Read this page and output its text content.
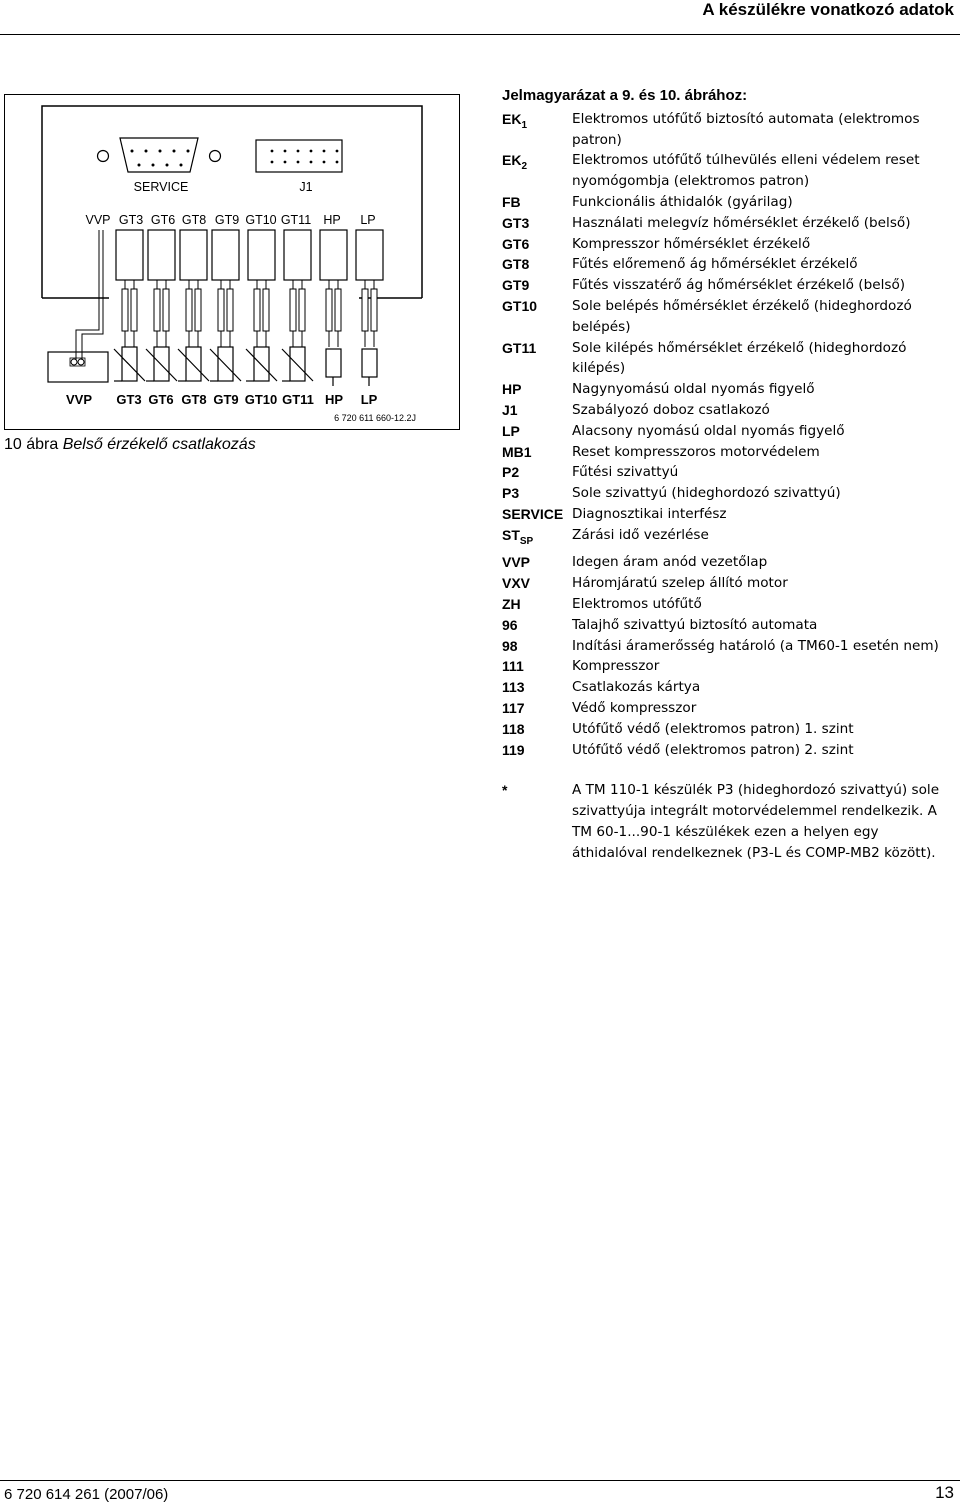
A készülékre vonatkozó adatok
SERVICE	J1
VVP GT3 GT6 GT8 GT9 GT10 GT11 HP LP
VVP GT3 GT6 GT8 GT9 GT10 GT11 HP LP
6 720 611 660-12.2J
10 ábra Belső érzékelő csatlakozás
Jelmagyarázat a 9. és 10. ábrához:
$EK_1$	Elektromos utófűtő biztosító automata (elektromos patron)
$EK_2$	Elektromos utófűtő túlhevülés elleni védelem reset nyomógombja (elektromos patron)
FB	Funkcionális áthidalók (gyárilag)
GT3	Használati melegvíz hőmérséklet érzékelő (belső)
GT6	Kompresszor hőmérséklet érzékelő
GT8	Fűtés előremenő ág hőmérséklet érzékelő
GT9	Fűtés visszatérő ág hőmérséklet érzékelő (belső)
GT10	Sole belépés hőmérséklet érzékelő (hideghordozó belépés)
GT11	Sole kilépés hőmérséklet érzékelő (hideghordozó kilépés)
HP	Nagynyomású oldal nyomás figyelő
J1	Szabályozó doboz csatlakozó
LP	Alacsony nyomású oldal nyomás figyelő
MB1	Reset kompresszoros motorvédelem
P2	Fűtési szivattyú
P3	Sole szivattyú (hideghordozó szivattyú)
SERVICE Diagnosztikai interfész
$ST_{SP}$	Zárási idő vezérlése
VVP	Idegen áram anód vezetőlap
VXV	Háromjáratú szelep állító motor
ZH	Elektromos utófűtő
96	Talajhő szivattyú biztosító automata
98	Indítási áramerősség határoló (a TM60-1 esetén nem)
111	Kompresszor
113	Csatlakozás kártya
117	Védő kompresszor
118	Utófűtő védő (elektromos patron) 1. szint
119	Utófűtő védő (elektromos patron) 2. szint
*	A TM 110-1 készülék P3 (hideghordozó szivattyú) sole szivattyúja integrált motorvédelemmel rendelkezik. A TM 60-1...90-1 készülékek ezen a helyen egy áthidalóval rendelkeznek (P3-L és COMP-MB2 között).
6 720 614 261 (2007/06)	13
